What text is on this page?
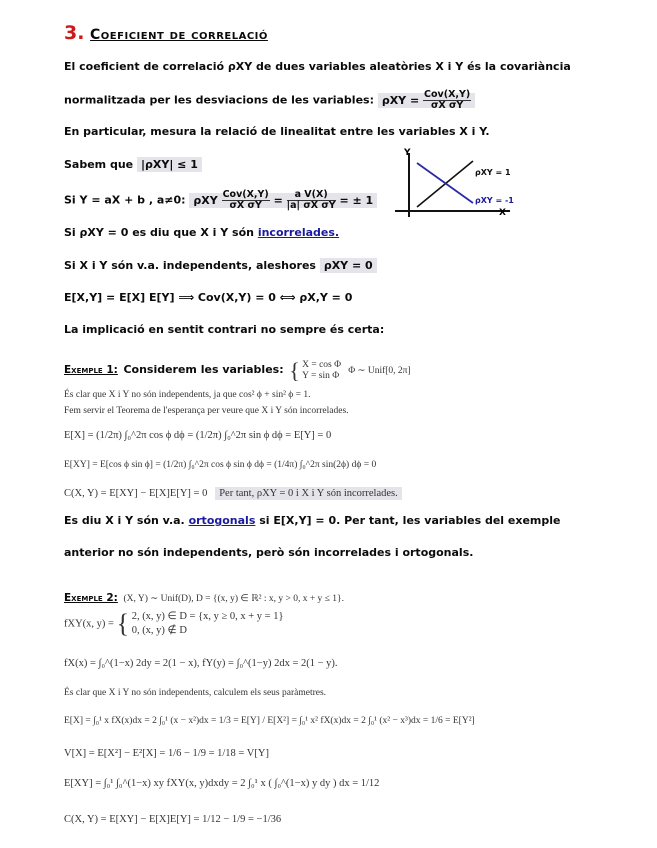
3. Coeficient de correlació
El coeficient de correlació ρXY de dues variables aleatòries X i Y és la covariància
normalitzada per les desviacions de les variables: $\rho XY = \frac{\text{Cov(X,Y)}}{\text{σX σY}}$
En particular, mesura la relació de linealitat entre les variables X i Y.
Sabem que |ρXY| ≤ 1
Si Y = aX + b , a≠0: ρXY $\frac{\text{Cov(X,Y)}}{\text{σX σY}} = \frac{\text{a V(X)}}{\text{|a| σX σY}}$ = ± 1
Si ρXY = 0 es diu que X i Y són incorrelades.
Si X i Y són v.a. independents, aleshores ρXY = 0
E[X,Y] = E[X] E[Y] ⟹ Cov(X,Y) = 0 ⟺ ρX,Y = 0
La implicació en sentit contrari no sempre és certa:
Y
X
ρXY = 1
ρXY = -1
Exemple 1: Considerem les variables: { X = cos Φ
Y = sin Φ Φ ∼ Unif[0, 2π]
És clar que X i Y no són independents, ja que cos² ϕ + sin² ϕ = 1.
Fem servir el Teorema de l'esperança per veure que X i Y són incorrelades.
E[X] = (1/2π) ∫₀^2π cos ϕ dϕ = (1/2π) ∫₀^2π sin ϕ dϕ = E[Y] = 0
E[XY] = E[cos ϕ sin ϕ] = (1/2π) ∫₀^2π cos ϕ sin ϕ dϕ = (1/4π) ∫₀^2π sin(2ϕ) dϕ = 0
C(X, Y) = E[XY] − E[X]E[Y] = 0 Per tant, ρXY = 0 i X i Y són incorrelades.
Es diu X i Y són v.a. ortogonals si E[X,Y] = 0. Per tant, les variables del exemple
anterior no són independents, però són incorrelades i ortogonals.
Exemple 2: (X, Y) ∼ Unif(D), D = {(x, y) ∈ ℝ² : x, y > 0, x + y ≤ 1}.
fXY(x, y) = { 2, (x, y) ∈ D = {x, y ≥ 0, x + y = 1}
0, (x, y) ∉ D
fX(x) = ∫₀^(1−x) 2dy = 2(1 − x), fY(y) = ∫₀^(1−y) 2dx = 2(1 − y).
És clar que X i Y no són independents, calculem els seus paràmetres.
E[X] = ∫₀¹ x fX(x)dx = 2 ∫₀¹ (x − x²)dx = 1/3 = E[Y] / E[X²] = ∫₀¹ x² fX(x)dx = 2 ∫₀¹ (x² − x³)dx = 1/6 = E[Y²]
V[X] = E[X²] − E²[X] = 1/6 − 1/9 = 1/18 = V[Y]
E[XY] = ∫₀¹ ∫₀^(1−x) xy fXY(x, y)dxdy = 2 ∫₀¹ x ( ∫₀^(1−x) y dy ) dx = 1/12
C(X, Y) = E[XY] − E[X]E[Y] = 1/12 − 1/9 = −1/36
